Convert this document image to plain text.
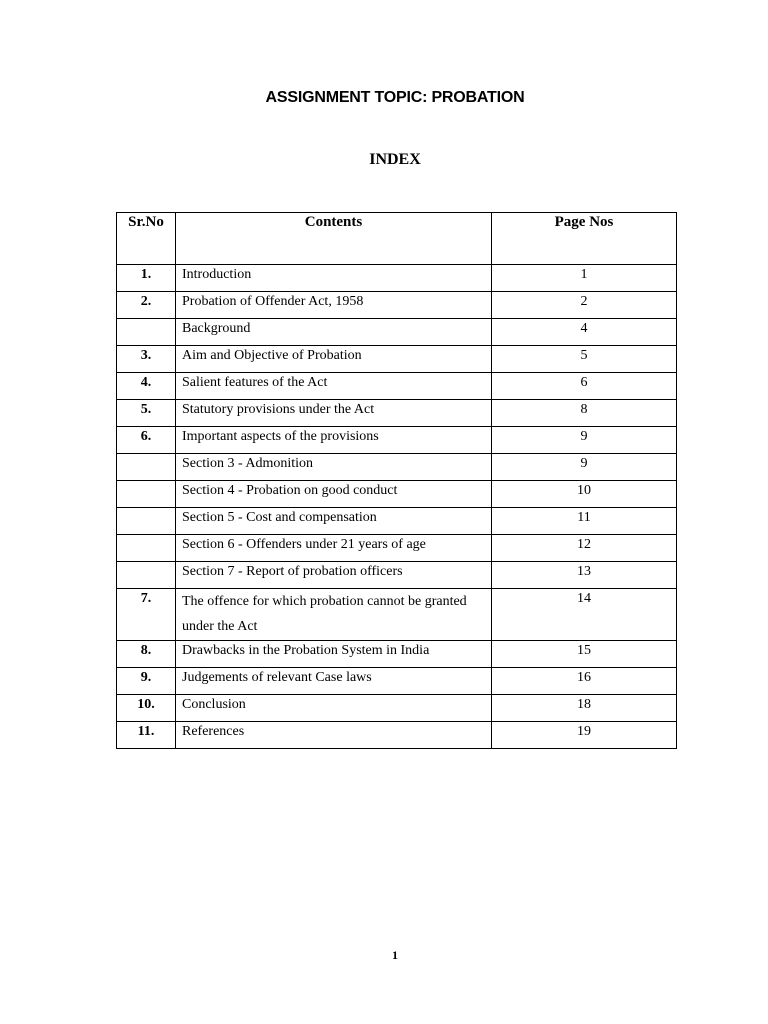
ASSIGNMENT TOPIC: PROBATION
INDEX
Sr.No	Contents	Page Nos
1.	Introduction	1
2.	Probation of Offender Act, 1958	2
	Background	4
3.	Aim and Objective of Probation	5
4.	Salient features of the Act	6
5.	Statutory provisions under the Act	8
6.	Important aspects of the provisions	9
	Section 3 - Admonition	9
	Section 4 - Probation on good conduct	10
	Section 5 - Cost and compensation	11
	Section 6 - Offenders under 21 years of age	12
	Section 7 - Report of probation officers	13
7.	The offence for which probation cannot be granted under the Act	14
8.	Drawbacks in the Probation System in India	15
9.	Judgements of relevant Case laws	16
10.	Conclusion	18
11.	References	19
1
